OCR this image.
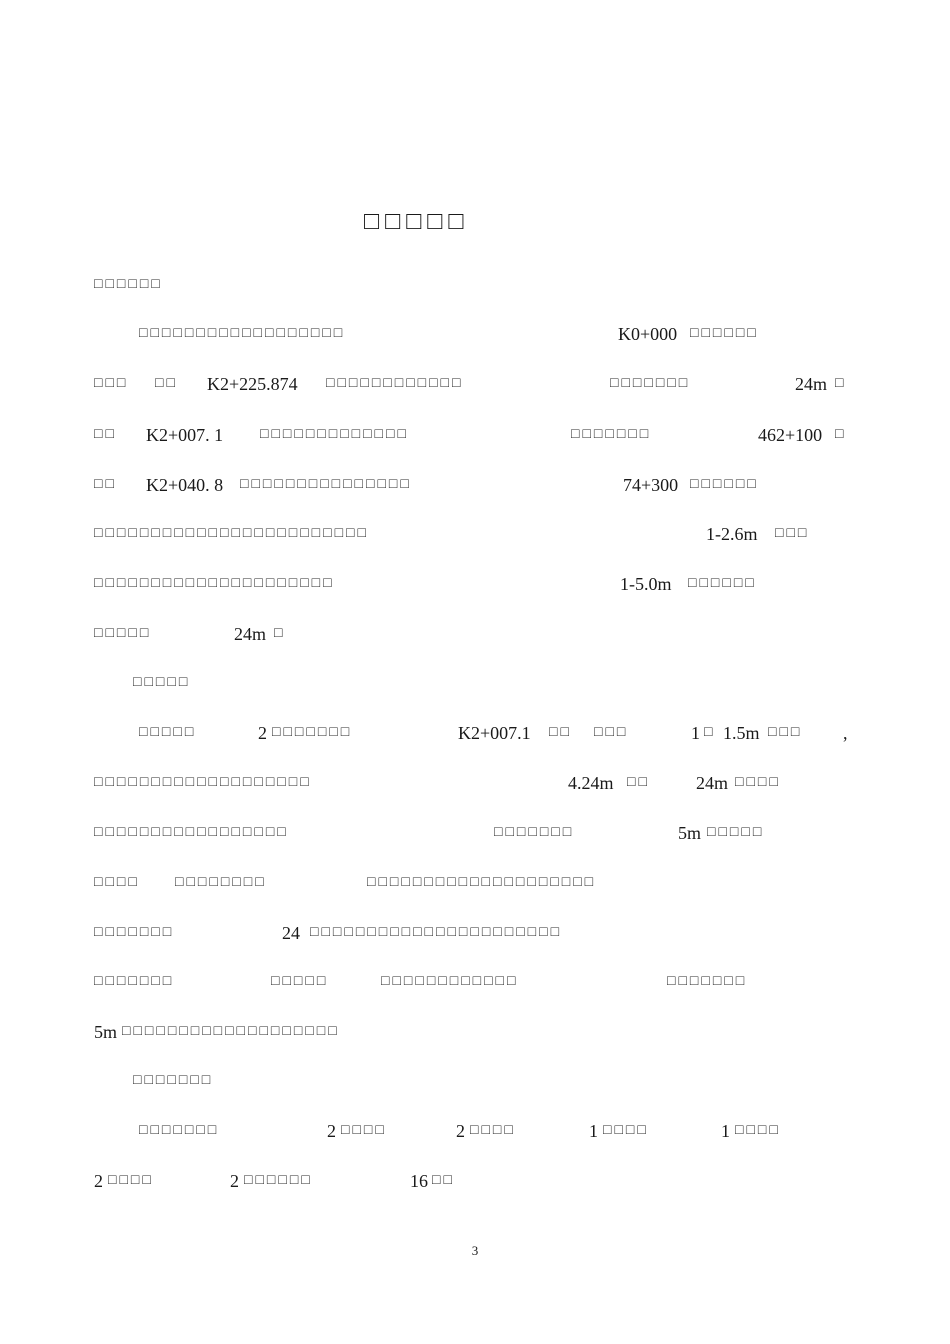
□□□□□
□□□□□□
□□□□□□□□□□□□□□□□□□	K0+000 □□□□□□
□□□ □□ K2+225.874 □□□□□□□□□□□□	□□□□□□□	24m □
□□ K2+007. 1	□□□□□□□□□□□□□	□□□□□□□	462+100 □
□□ K2+040. 8 □□□□□□□□□□□□□□□	74+300 □□□□□□
□□□□□□□□□□□□□□□□□□□□□□□□	1-2.6m □□□
□□□□□□□□□□□□□□□□□□□□□	1-5.0m □□□□□□
□□□□□	24m □
□□□□□
□□□□□	2 □□□□□□□	K2+007.1 □□ □□□	1 □ 1.5m □□□ ,
□□□□□□□□□□□□□□□□□□□	4.24m □□	24m □□□□
□□□□□□□□□□□□□□□□□	□□□□□□□	5m □□□□□
□□□□	□□□□□□□□	□□□□□□□□□□□□□□□□□□□□
□□□□□□□	24 □□□□□□□□□□□□□□□□□□□□□□
□□□□□□□	□□□□□	□□□□□□□□□□□□	□□□□□□□
5m □□□□□□□□□□□□□□□□□□□
□□□□□□□
□□□□□□□	2 □□□□	2 □□□□	1 □□□□	1 □□□□
2 □□□□	2 □□□□□□	16 □□
3
